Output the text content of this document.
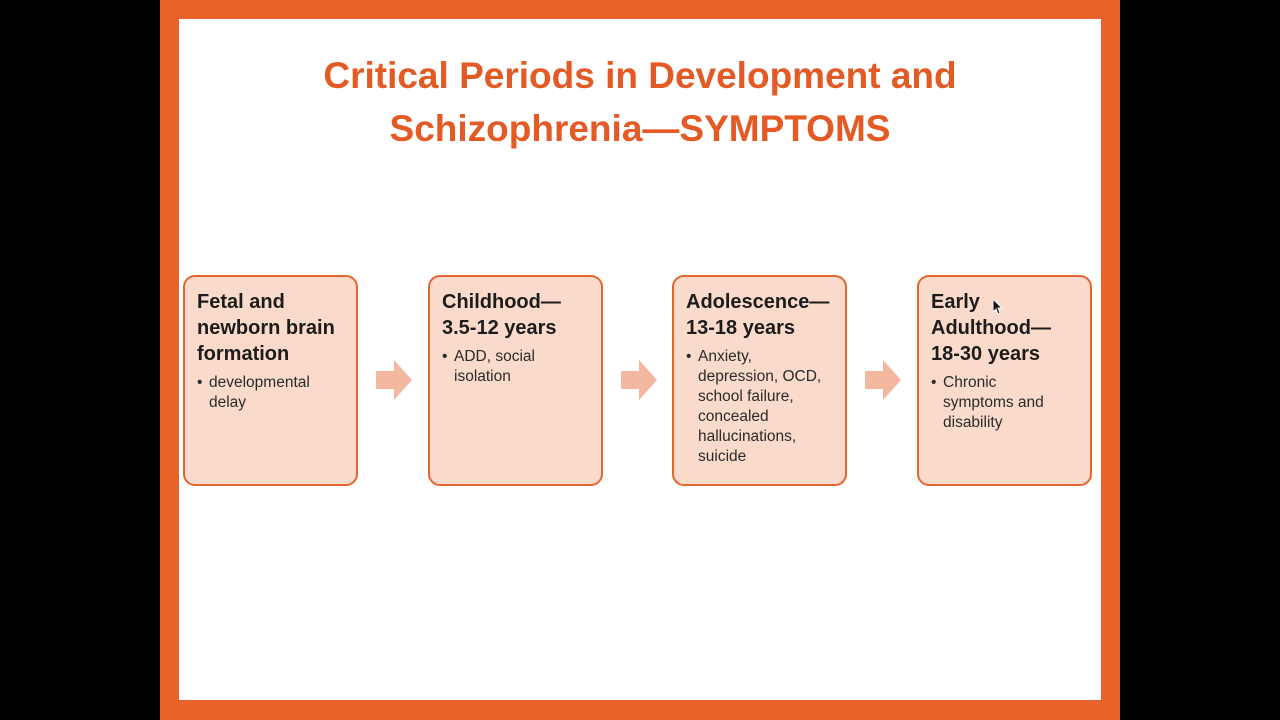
Critical Periods in Development and
Schizophrenia—SYMPTOMS
Fetal and
newborn brain
formation
• developmental
delay
Childhood—
3.5-12 years
• ADD, social
isolation
Adolescence—
13-18 years
• Anxiety,
depression, OCD,
school failure,
concealed
hallucinations,
suicide
Early
Adulthood—
18-30 years
• Chronic
symptoms and
disability
